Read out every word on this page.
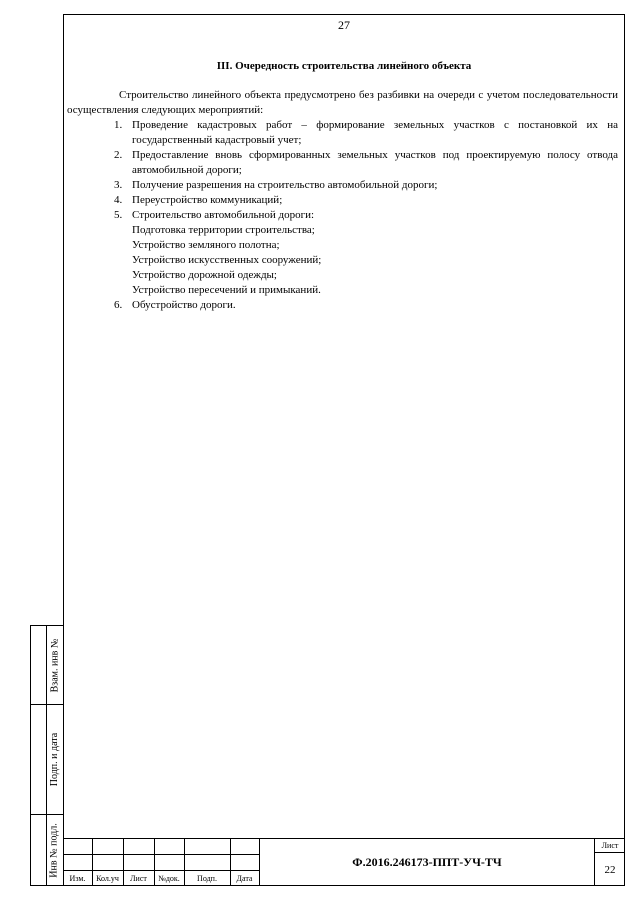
27
III. Очередность строительства линейного объекта

Строительство линейного объекта предусмотрено без разбивки на очереди с учетом последовательности осуществления следующих мероприятий:

1. Проведение кадастровых работ – формирование земельных участков с постановкой их на государственный кадастровый учет;
2. Предоставление вновь сформированных земельных участков под проектируемую полосу отвода автомобильной дороги;
3. Получение разрешения на строительство автомобильной дороги;
4. Переустройство коммуникаций;
5. Строительство автомобильной дороги:
Подготовка территории строительства;
Устройство земляного полотна;
Устройство искусственных сооружений;
Устройство дорожной одежды;
Устройство пересечений и примыканий.
6. Обустройство дороги.
Взам. инв №
Подп. и дата
Инв № подл.
Изм.	Кол.уч	Лист	№док.	Подп.	Дата
Ф.2016.246173-ППТ-УЧ-ТЧ
Лист
22
